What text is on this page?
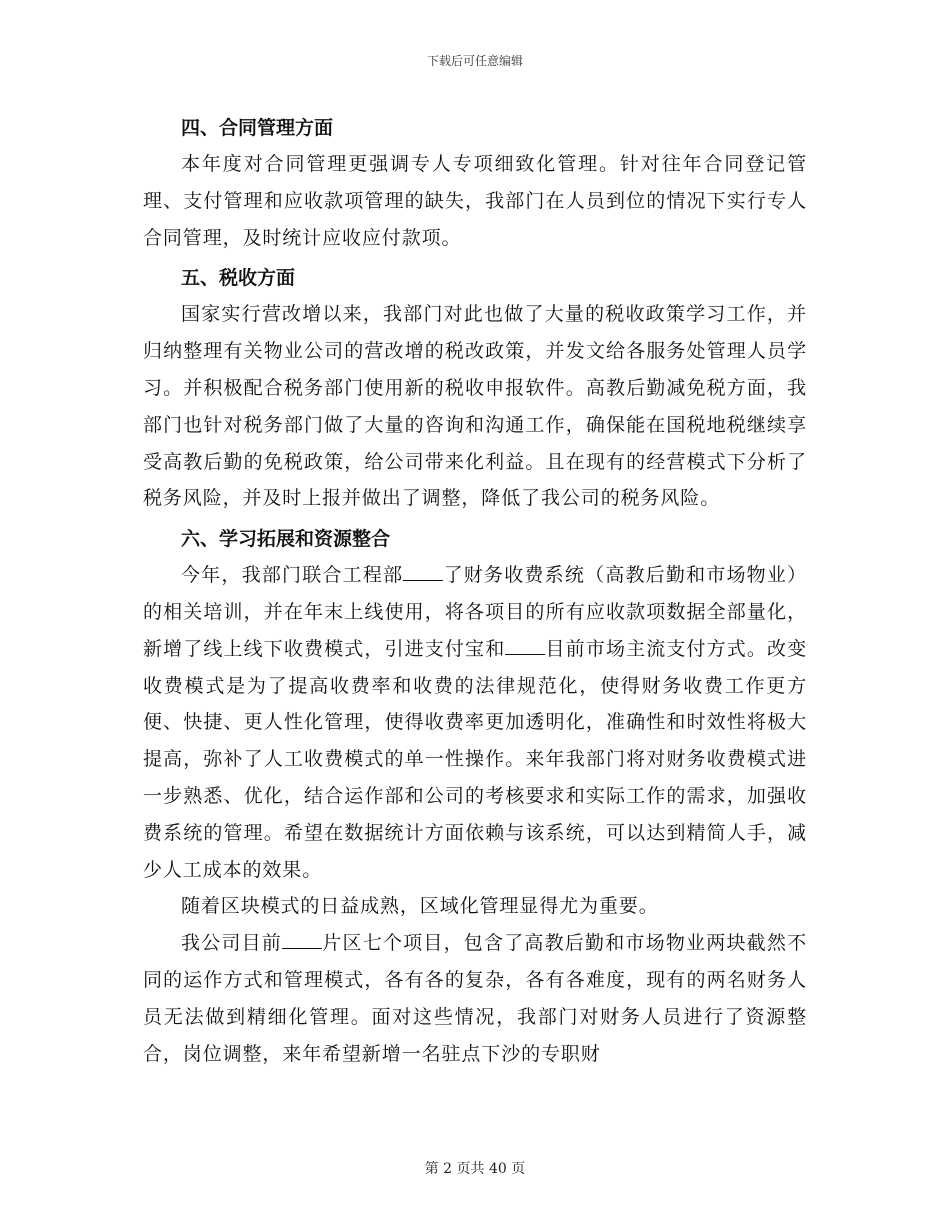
下载后可任意编辑
四、合同管理方面

本年度对合同管理更强调专人专项细致化管理。针对往年合同登记管理、支付管理和应收款项管理的缺失，我部门在人员到位的情况下实行专人合同管理，及时统计应收应付款项。

五、税收方面

国家实行营改增以来，我部门对此也做了大量的税收政策学习工作，并归纳整理有关物业公司的营改增的税改政策，并发文给各服务处管理人员学习。并积极配合税务部门使用新的税收申报软件。高教后勤减免税方面，我部门也针对税务部门做了大量的咨询和沟通工作，确保能在国税地税继续享受高教后勤的免税政策，给公司带来化利益。且在现有的经营模式下分析了税务风险，并及时上报并做出了调整，降低了我公司的税务风险。

六、学习拓展和资源整合

今年，我部门联合工程部 了财务收费系统（高教后勤和市场物业）的相关培训，并在年末上线使用，将各项目的所有应收款项数据全部量化，新增了线上线下收费模式，引进支付宝和 目前市场主流支付方式。改变收费模式是为了提高收费率和收费的法律规范化，使得财务收费工作更方便、快捷、更人性化管理，使得收费率更加透明化，准确性和时效性将极大提高，弥补了人工收费模式的单一性操作。来年我部门将对财务收费模式进一步熟悉、优化，结合运作部和公司的考核要求和实际工作的需求，加强收费系统的管理。希望在数据统计方面依赖与该系统，可以达到精简人手，减少人工成本的效果。

随着区块模式的日益成熟，区域化管理显得尤为重要。

我公司目前 片区七个项目，包含了高教后勤和市场物业两块截然不同的运作方式和管理模式，各有各的复杂，各有各难度，现有的两名财务人员无法做到精细化管理。面对这些情况，我部门对财务人员进行了资源整合，岗位调整，来年希望新增一名驻点下沙的专职财

第 2 页共 40 页
